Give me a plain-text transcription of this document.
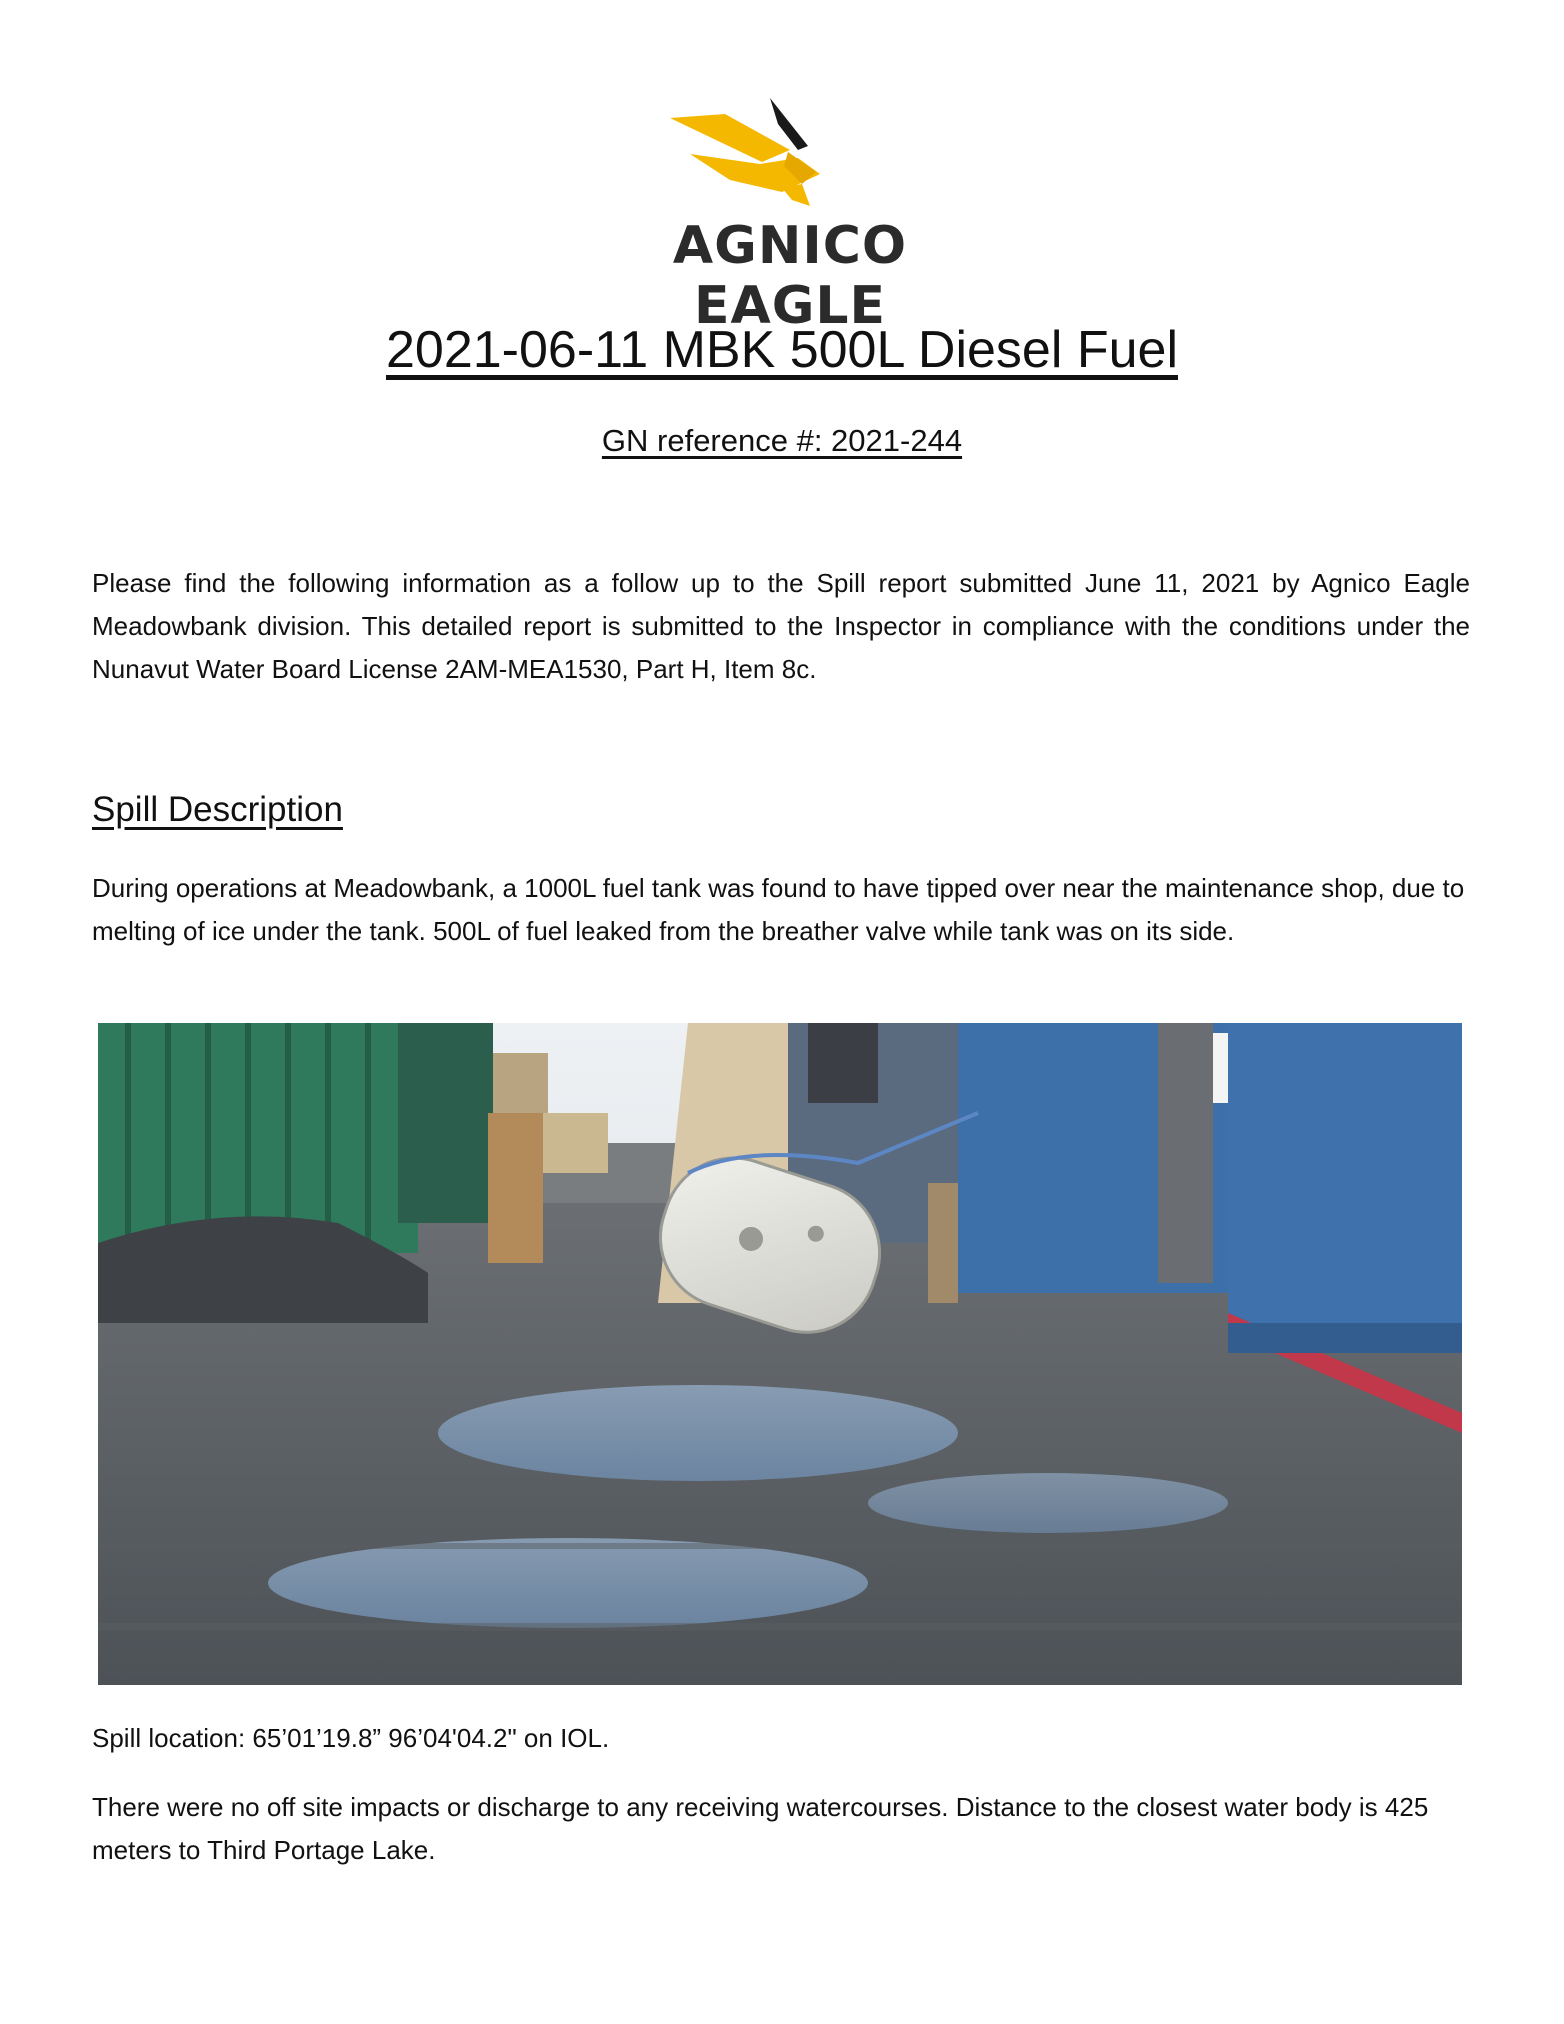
AGNICO EAGLE
2021-06-11 MBK 500L Diesel Fuel
GN reference #: 2021-244

Please find the following information as a follow up to the Spill report submitted June 11, 2021 by Agnico Eagle Meadowbank division. This detailed report is submitted to the Inspector in compliance with the conditions under the Nunavut Water Board License 2AM-MEA1530, Part H, Item 8c.

Spill Description

During operations at Meadowbank, a 1000L fuel tank was found to have tipped over near the maintenance shop, due to melting of ice under the tank. 500L of fuel leaked from the breather valve while tank was on its side.

Spill location: 65’01’19.8” 96’04'04.2" on IOL.

There were no off site impacts or discharge to any receiving watercourses. Distance to the closest water body is 425 meters to Third Portage Lake.
